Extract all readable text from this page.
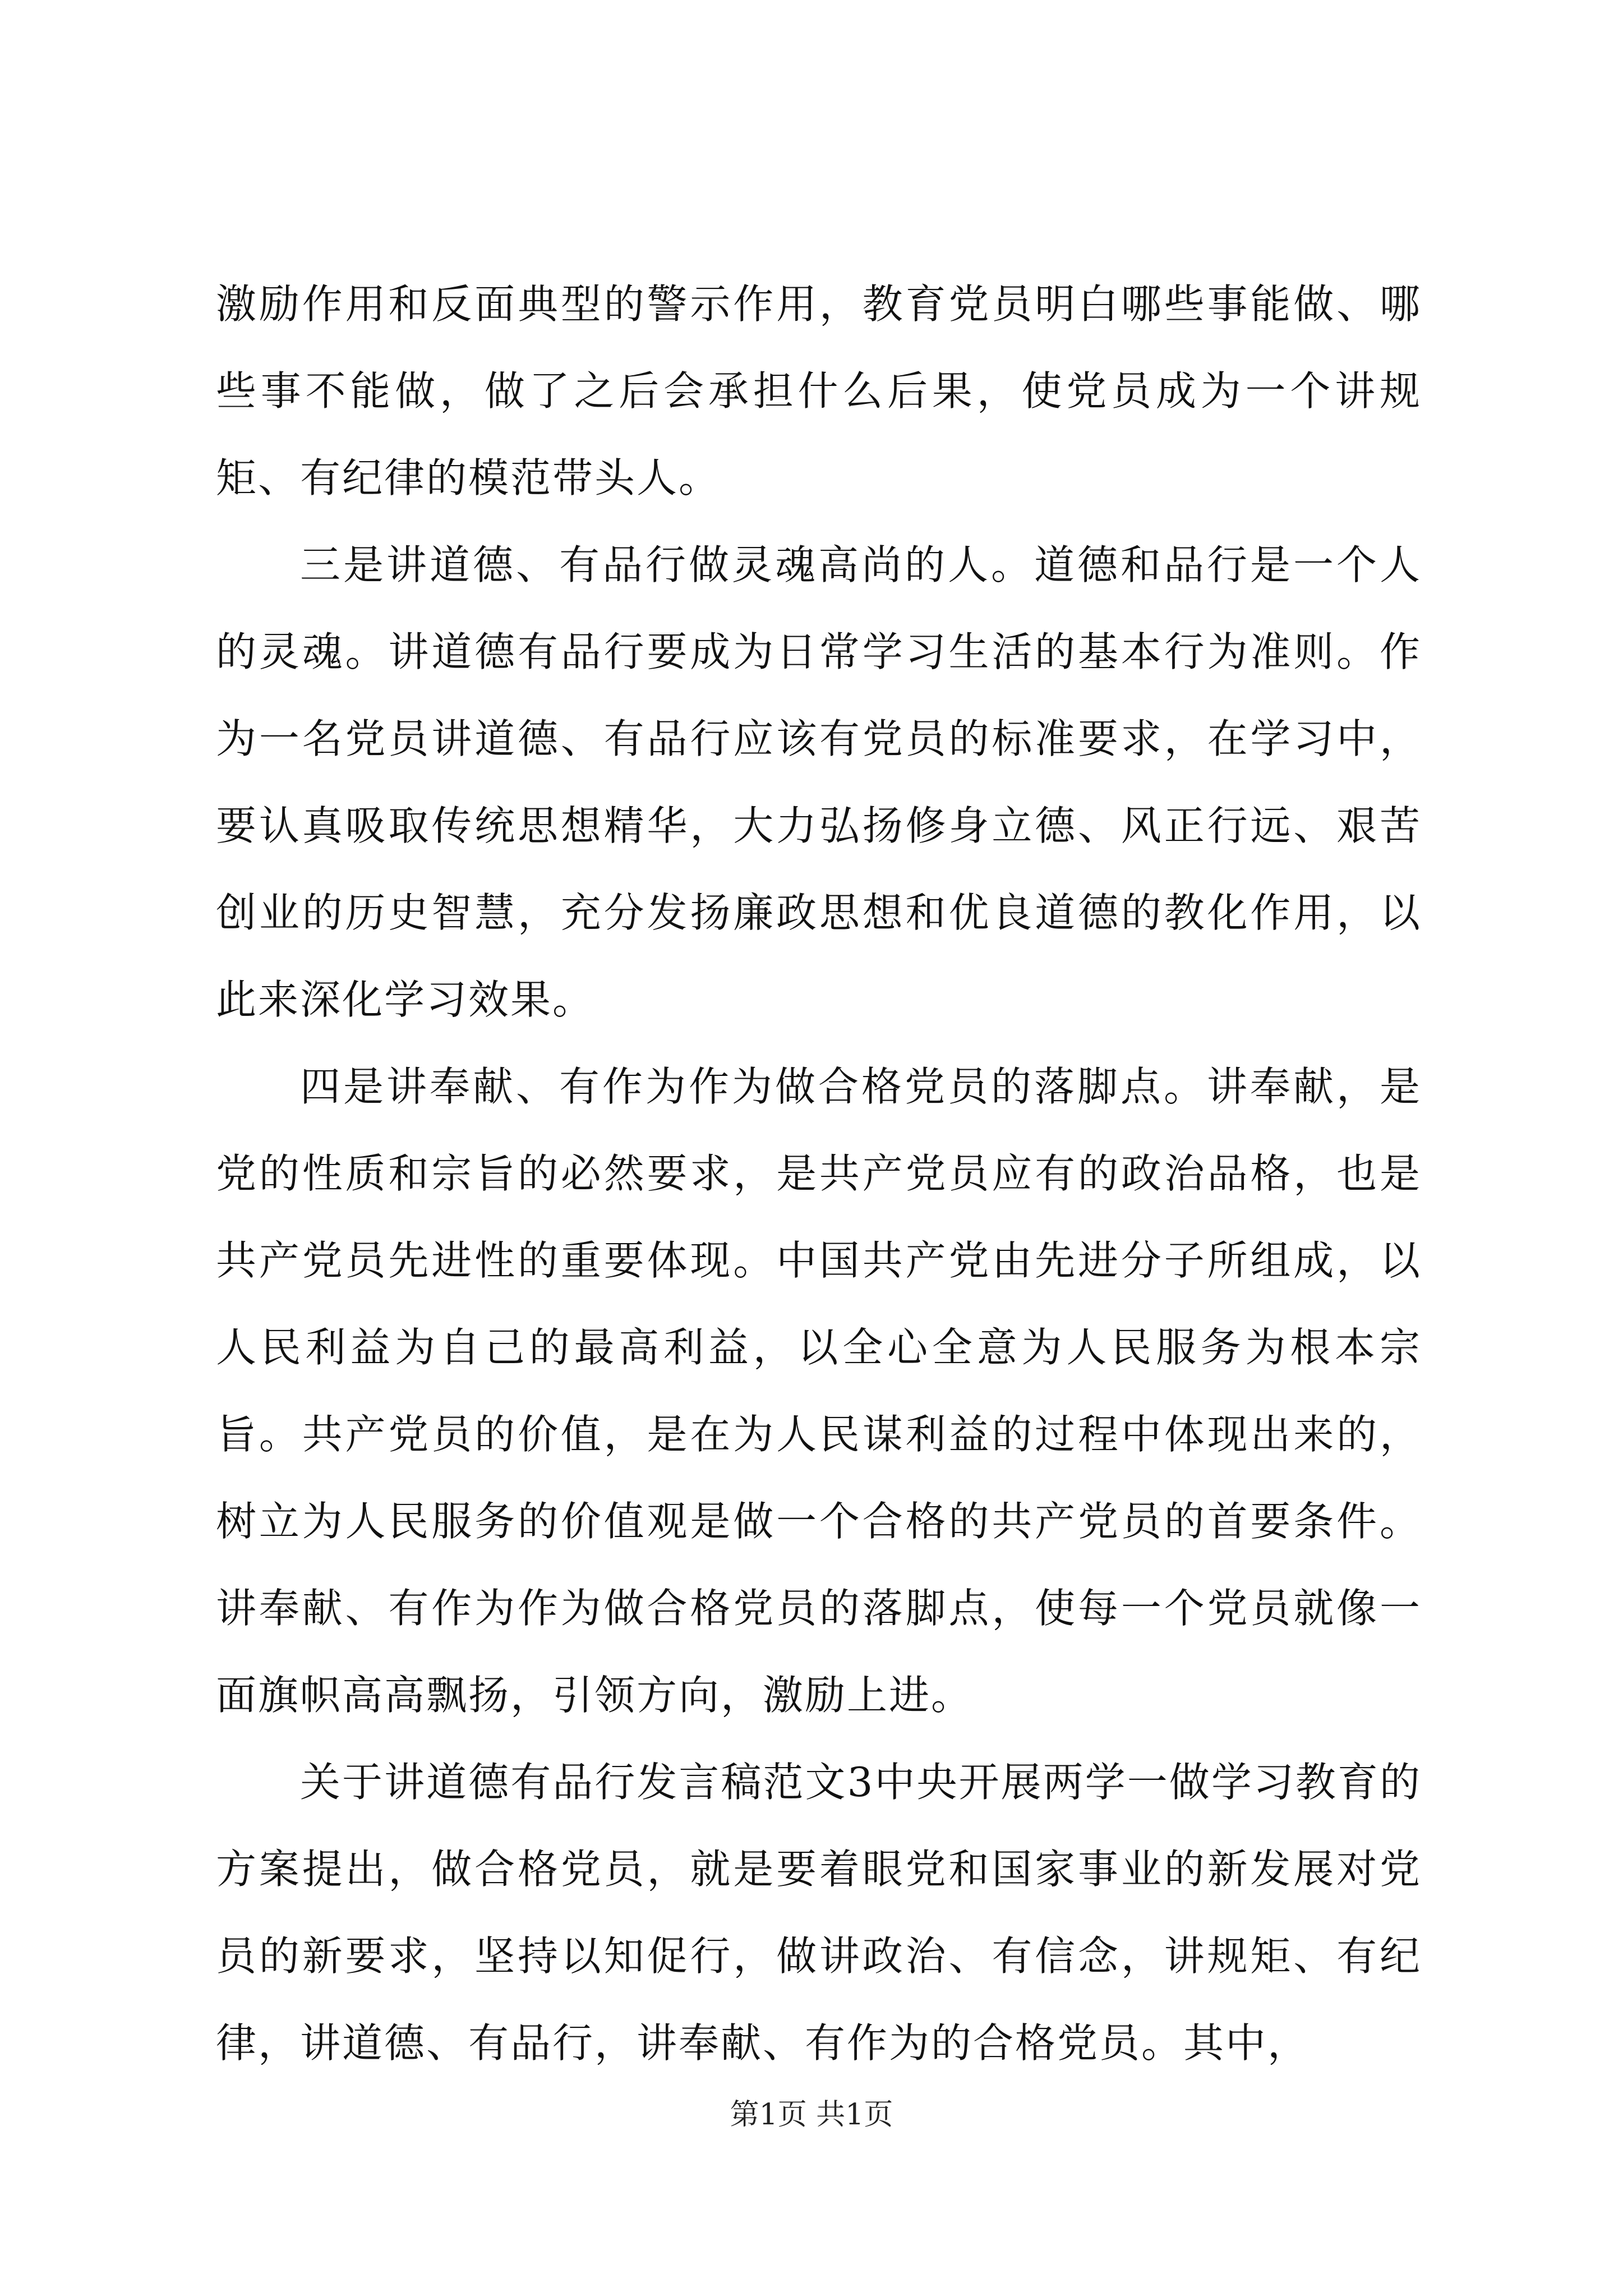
激励作用和反面典型的警示作用，教育党员明白哪些事能做、哪些事不能做，做了之后会承担什么后果，使党员成为一个讲规矩、有纪律的模范带头人。

三是讲道德、有品行做灵魂高尚的人。道德和品行是一个人的灵魂。讲道德有品行要成为日常学习生活的基本行为准则。作为一名党员讲道德、有品行应该有党员的标准要求，在学习中，要认真吸取传统思想精华，大力弘扬修身立德、风正行远、艰苦创业的历史智慧，充分发扬廉政思想和优良道德的教化作用，以此来深化学习效果。

四是讲奉献、有作为作为做合格党员的落脚点。讲奉献，是党的性质和宗旨的必然要求，是共产党员应有的政治品格，也是共产党员先进性的重要体现。中国共产党由先进分子所组成，以人民利益为自己的最高利益，以全心全意为人民服务为根本宗旨。共产党员的价值，是在为人民谋利益的过程中体现出来的，树立为人民服务的价值观是做一个合格的共产党员的首要条件。讲奉献、有作为作为做合格党员的落脚点，使每一个党员就像一面旗帜高高飘扬，引领方向，激励上进。

关于讲道德有品行发言稿范文3中央开展两学一做学习教育的方案提出，做合格党员，就是要着眼党和国家事业的新发展对党员的新要求，坚持以知促行，做讲政治、有信念，讲规矩、有纪律，讲道德、有品行，讲奉献、有作为的合格党员。其中，

第1页 共1页
